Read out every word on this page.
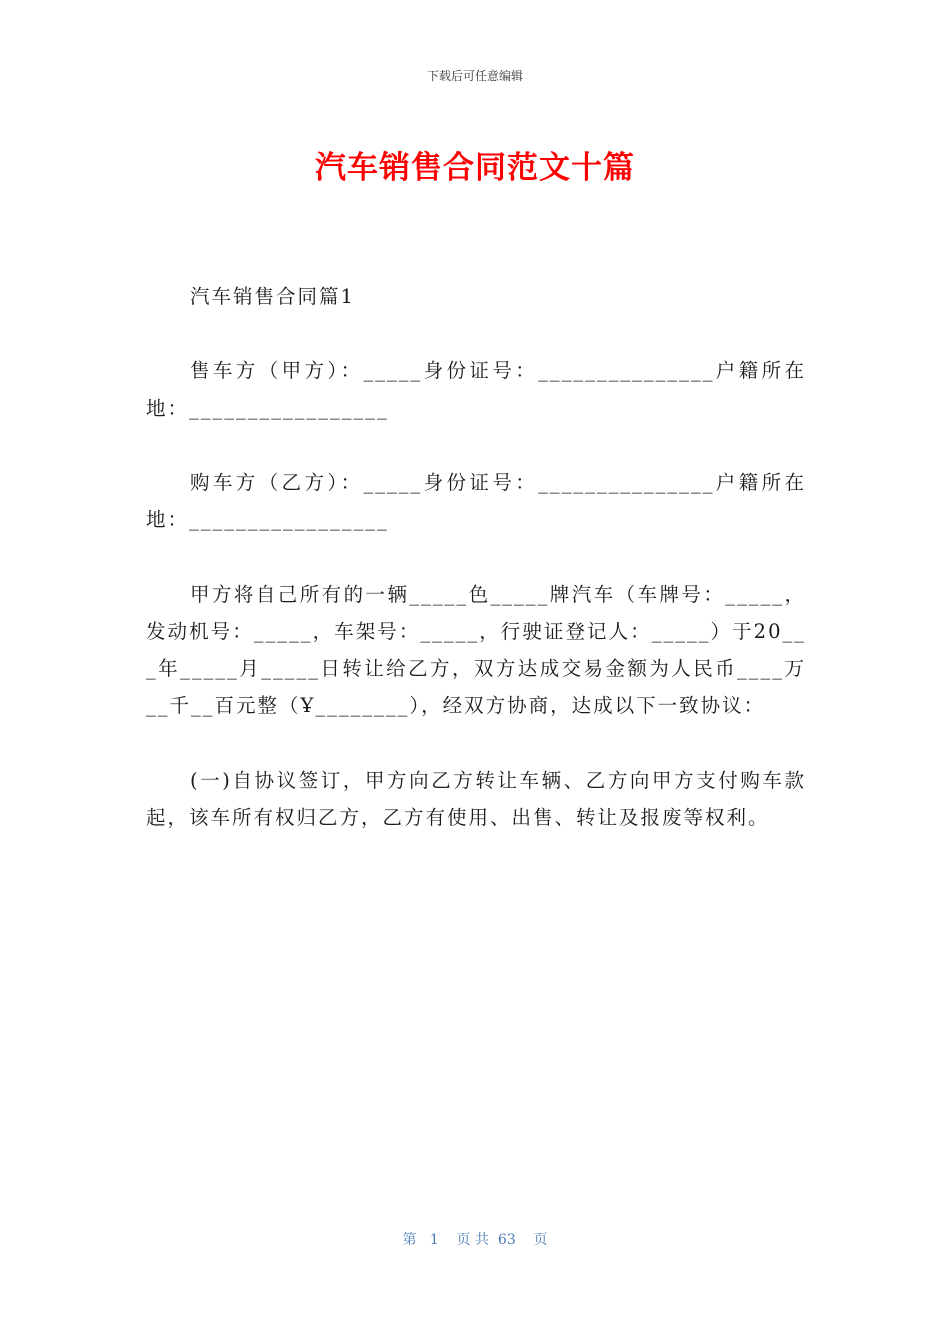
下载后可任意编辑
汽车销售合同范文十篇

汽车销售合同篇1

售车方（甲方）：_____身份证号：_______________户籍所在地：_________________

购车方（乙方）：_____身份证号：_______________户籍所在地：_________________

甲方将自己所有的一辆_____色_____牌汽车（车牌号：_____，发动机号：_____，车架号：_____，行驶证登记人：_____）于20___年_____月_____日转让给乙方，双方达成交易金额为人民币____万__千__百元整（Ұ________），经双方协商，达成以下一致协议：

(一)自协议签订，甲方向乙方转让车辆、乙方向甲方支付购车款起，该车所有权归乙方，乙方有使用、出售、转让及报废等权利。

第 1 页 共 63 页
